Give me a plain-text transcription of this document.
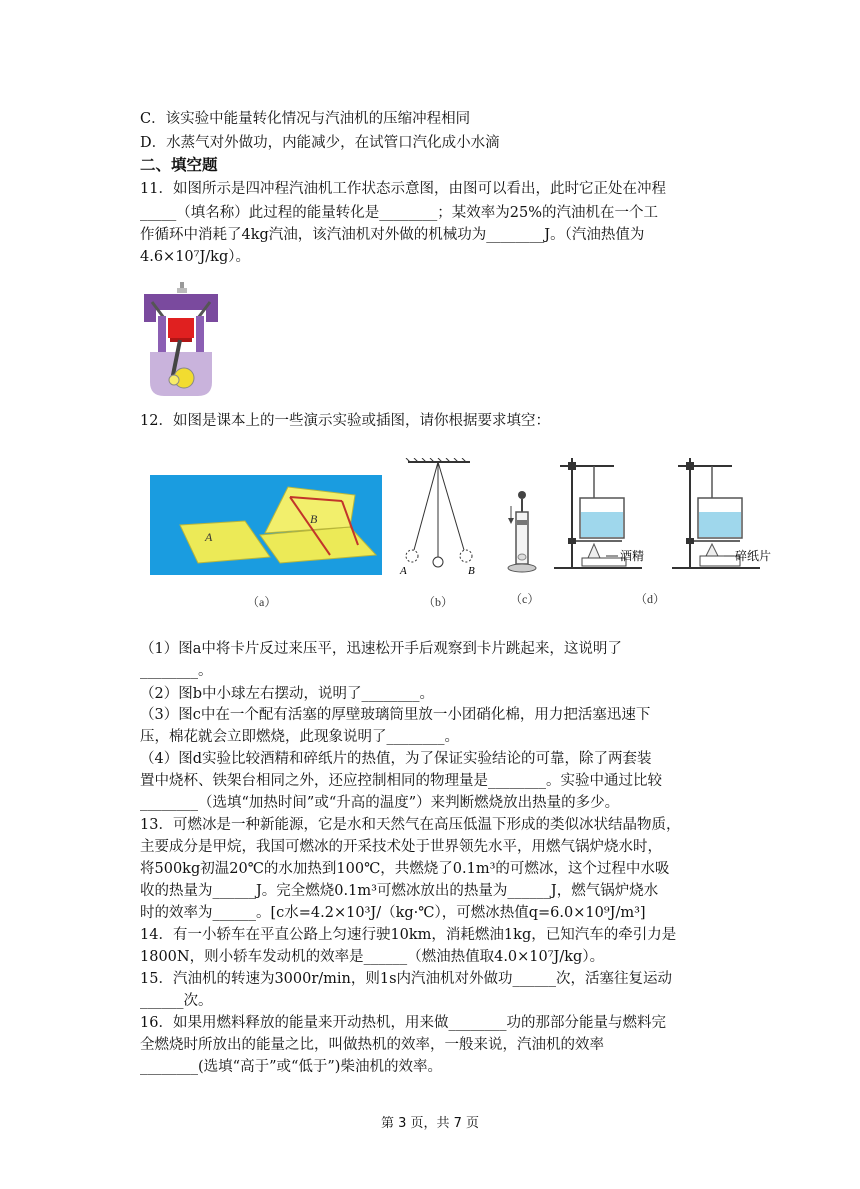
C．该实验中能量转化情况与汽油机的压缩冲程相同
D．水蒸气对外做功，内能减少，在试管口汽化成小水滴
二、填空题
11．如图所示是四冲程汽油机工作状态示意图，由图可以看出，此时它正处在冲程
_____（填名称）此过程的能量转化是________；某效率为25%的汽油机在一个工
作循环中消耗了4kg汽油，该汽油机对外做的机械功为________J。（汽油热值为
4.6×10⁷J/kg）。
12．如图是课本上的一些演示实验或插图，请你根据要求填空：
A
B
（a）
A	B
（b）	（c）
酒精	碎纸片
（d）
（1）图a中将卡片反过来压平，迅速松开手后观察到卡片跳起来，这说明了
________。
（2）图b中小球左右摆动，说明了________。
（3）图c中在一个配有活塞的厚壁玻璃筒里放一小团硝化棉，用力把活塞迅速下
压，棉花就会立即燃烧，此现象说明了________。
（4）图d实验比较酒精和碎纸片的热值，为了保证实验结论的可靠，除了两套装
置中烧杯、铁架台相同之外，还应控制相同的物理量是________。实验中通过比较
________（选填“加热时间”或“升高的温度”）来判断燃烧放出热量的多少。
13．可燃冰是一种新能源，它是水和天然气在高压低温下形成的类似冰状结晶物质，
主要成分是甲烷，我国可燃冰的开采技术处于世界领先水平，用燃气锅炉烧水时，
将500kg初温20℃的水加热到100℃，共燃烧了0.1m³的可燃冰，这个过程中水吸
收的热量为______J。完全燃烧0.1m³可燃冰放出的热量为______J，燃气锅炉烧水
时的效率为______。[c水=4.2×10³J/（kg·℃），可燃冰热值q=6.0×10⁹J/m³]
14．有一小轿车在平直公路上匀速行驶10km，消耗燃油1kg，已知汽车的牵引力是
1800N，则小轿车发动机的效率是______（燃油热值取4.0×10⁷J/kg）。
15．汽油机的转速为3000r/min，则1s内汽油机对外做功______次，活塞往复运动
______次。
16．如果用燃料释放的能量来开动热机，用来做________功的那部分能量与燃料完
全燃烧时所放出的能量之比，叫做热机的效率，一般来说，汽油机的效率
________(选填“高于”或“低于”)柴油机的效率。
第 3 页，共 7 页
